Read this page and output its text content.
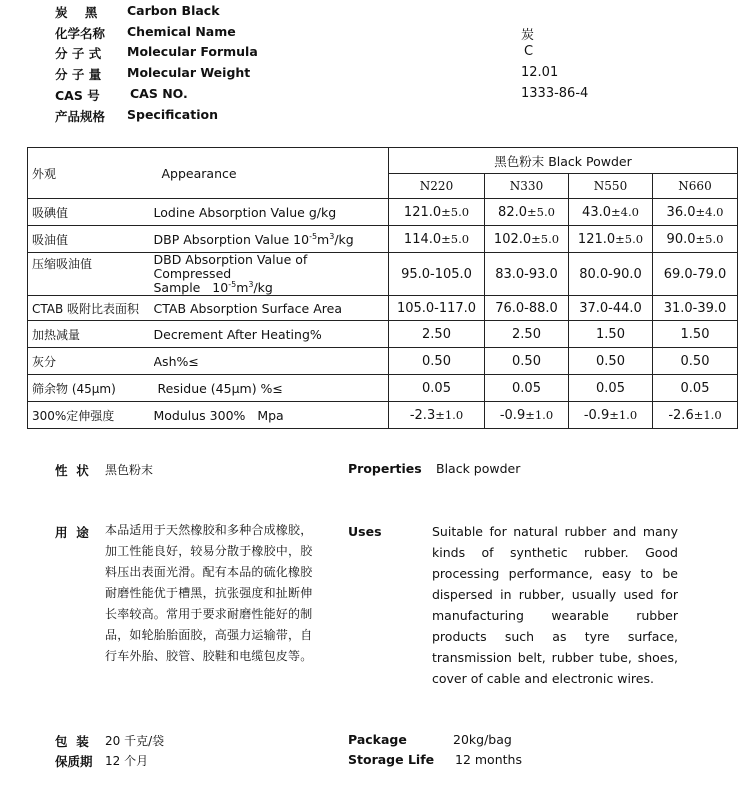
炭    黑 Carbon Black
化学名称 Chemical Name	炭
分 子 式 Molecular Formula	C
分 子 量 Molecular Weight	12.01
CAS 号 CAS NO.	1333-86-4
产品规格 Specification
外观	Appearance	黑色粉末 Black Powder			
		N220	N330	N550	N660
吸碘值	Lodine Absorption Value g/kg	121.0±5.0	82.0±5.0	43.0±4.0	36.0±4.0
吸油值	DBP Absorption Value $10^{-5}m^3/kg$	114.0±5.0	102.0±5.0	121.0±5.0	90.0±5.0
压缩吸油值	DBD Absorption Value of Compressed
Sample   $10^{-5}m^3/kg$	95.0-105.0	83.0-93.0	80.0-90.0	69.0-79.0
CTAB 吸附比表面积	CTAB Absorption Surface Area	105.0-117.0	76.0-88.0	37.0-44.0	31.0-39.0
加热减量	Decrement After Heating%	2.50	2.50	1.50	1.50
灰分	Ash%≤	0.50	0.50	0.50	0.50
筛余物 (45μm)	Residue (45μm) %≤	0.05	0.05	0.05	0.05
300%定伸强度	Modulus 300%   Mpa	-2.3±1.0	-0.9±1.0	-0.9±1.0	-2.6±1.0
性  状 黑色粉末	Properties Black powder
用  途 本品适用于天然橡胶和多种合成橡胶，
加工性能良好，较易分散于橡胶中，胶
料压出表面光滑。配有本品的硫化橡胶
耐磨性能优于槽黑，抗张强度和扯断伸
长率较高。常用于要求耐磨性能好的制
品，如轮胎胎面胶，高强力运输带，自
行车外胎、胶管、胶鞋和电缆包皮等。
Uses	Suitable for natural rubber and many kinds of synthetic rubber. Good processing performance, easy to be dispersed in rubber, usually used for manufacturing wearable rubber products such as tyre surface, transmission belt, rubber tube, shoes, cover of cable and electronic wires.
包  装 20 千克/袋	Package	20kg/bag
保质期 12 个月	Storage Life 12 months
